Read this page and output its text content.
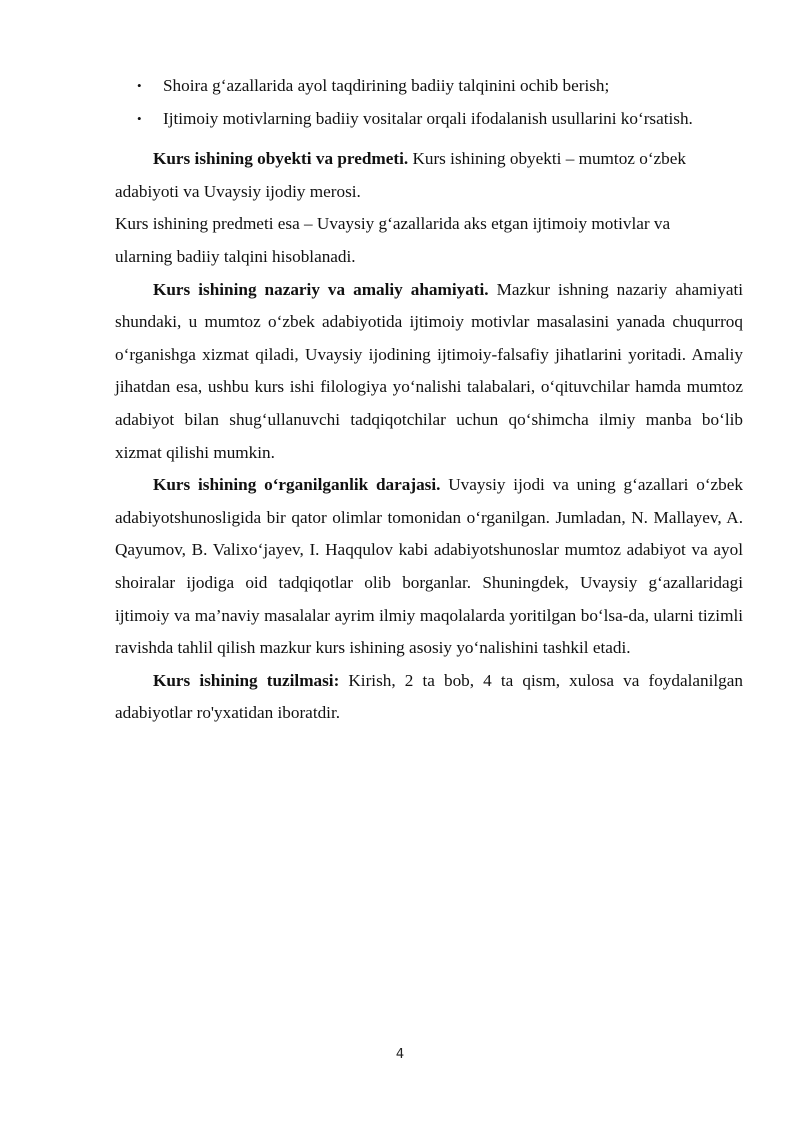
• Shoira g‘azallarida ayol taqdirining badiiy talqinini ochib berish;
• Ijtimoiy motivlarning badiiy vositalar orqali ifodalanish usullarini ko‘rsatish.

Kurs ishining obyekti va predmeti. Kurs ishining obyekti – mumtoz o‘zbek adabiyoti va Uvaysiy ijodiy merosi.

Kurs ishining predmeti esa – Uvaysiy g‘azallarida aks etgan ijtimoiy motivlar va ularning badiiy talqini hisoblanadi.

Kurs ishining nazariy va amaliy ahamiyati. Mazkur ishning nazariy ahamiyati shundaki, u mumtoz o‘zbek adabiyotida ijtimoiy motivlar masalasini yanada chuqurroq o‘rganishga xizmat qiladi, Uvaysiy ijodining ijtimoiy-falsafiy jihatlarini yoritadi. Amaliy jihatdan esa, ushbu kurs ishi filologiya yo‘nalishi talabalari, o‘qituvchilar hamda mumtoz adabiyot bilan shug‘ullanuvchi tadqiqotchilar uchun qo‘shimcha ilmiy manba bo‘lib xizmat qilishi mumkin.

Kurs ishining o‘rganilganlik darajasi. Uvaysiy ijodi va uning g‘azallari o‘zbek adabiyotshunosligida bir qator olimlar tomonidan o‘rganilgan. Jumladan, N. Mallayev, A. Qayumov, B. Valixo‘jayev, I. Haqqulov kabi adabiyotshunoslar mumtoz adabiyot va ayol shoiralar ijodiga oid tadqiqotlar olib borganlar. Shuningdek, Uvaysiy g‘azallaridagi ijtimoiy va ma’naviy masalalar ayrim ilmiy maqolalarda yoritilgan bo‘lsa-da, ularni tizimli ravishda tahlil qilish mazkur kurs ishining asosiy yo‘nalishini tashkil etadi.

Kurs ishining tuzilmasi: Kirish, 2 ta bob, 4 ta qism, xulosa va foydalanilgan adabiyotlar ro'yxatidan iboratdir.

4
